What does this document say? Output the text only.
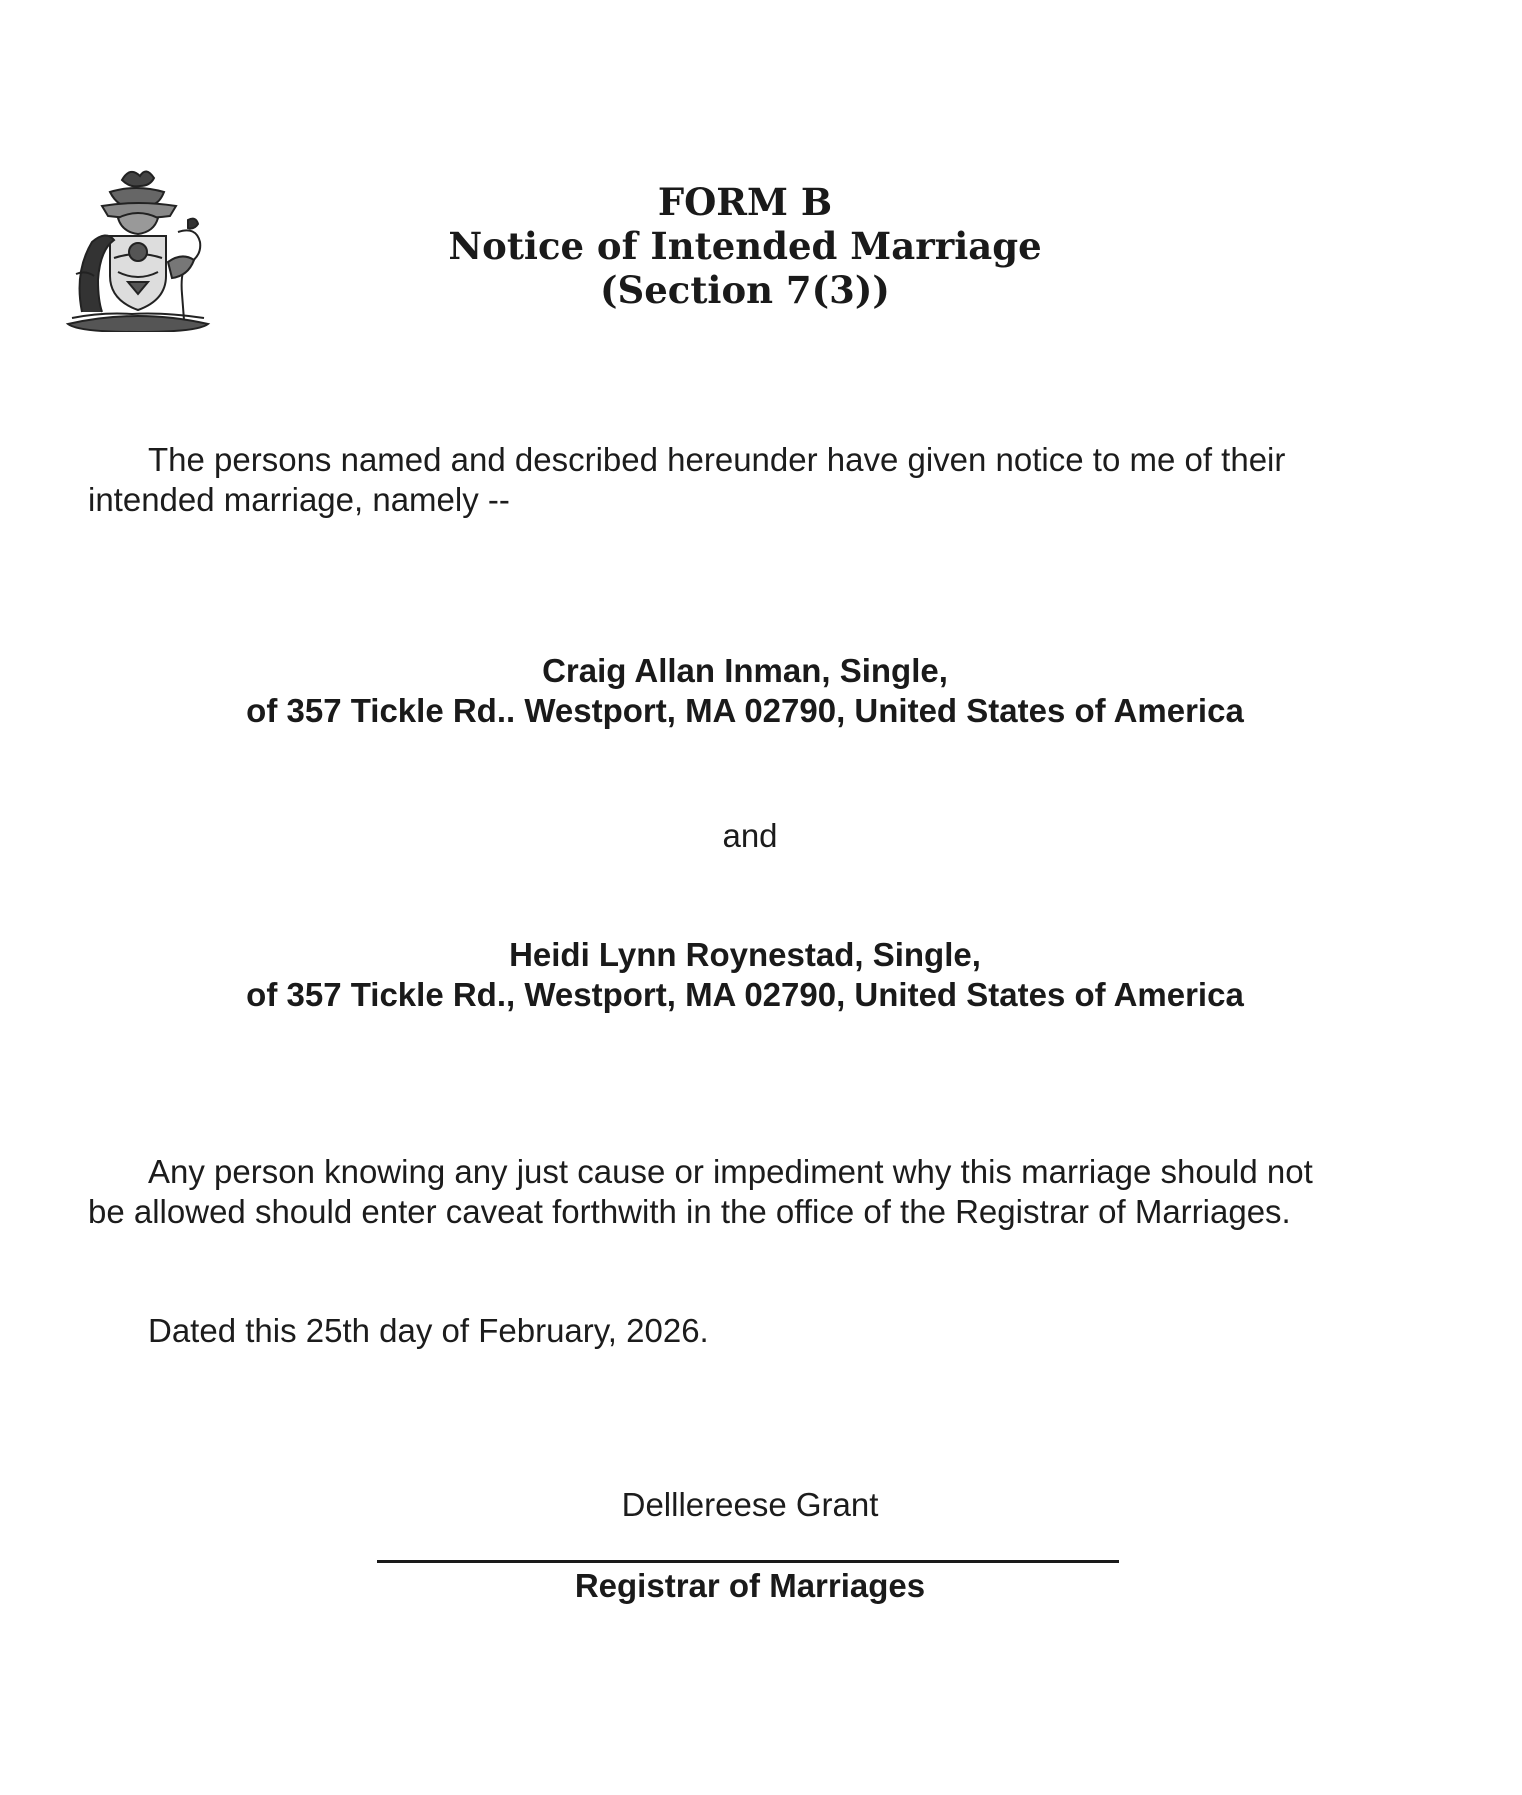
FORM B
Notice of Intended Marriage
(Section 7(3))
The persons named and described hereunder have given notice to me of their
intended marriage, namely --
Craig Allan Inman, Single,
of 357 Tickle Rd.. Westport, MA 02790, United States of America
and
Heidi Lynn Roynestad, Single,
of 357 Tickle Rd., Westport, MA 02790, United States of America
Any person knowing any just cause or impediment why this marriage should not
be allowed should enter caveat forthwith in the office of the Registrar of Marriages.
Dated this 25th day of February, 2026.
Delllereese Grant
Registrar of Marriages
